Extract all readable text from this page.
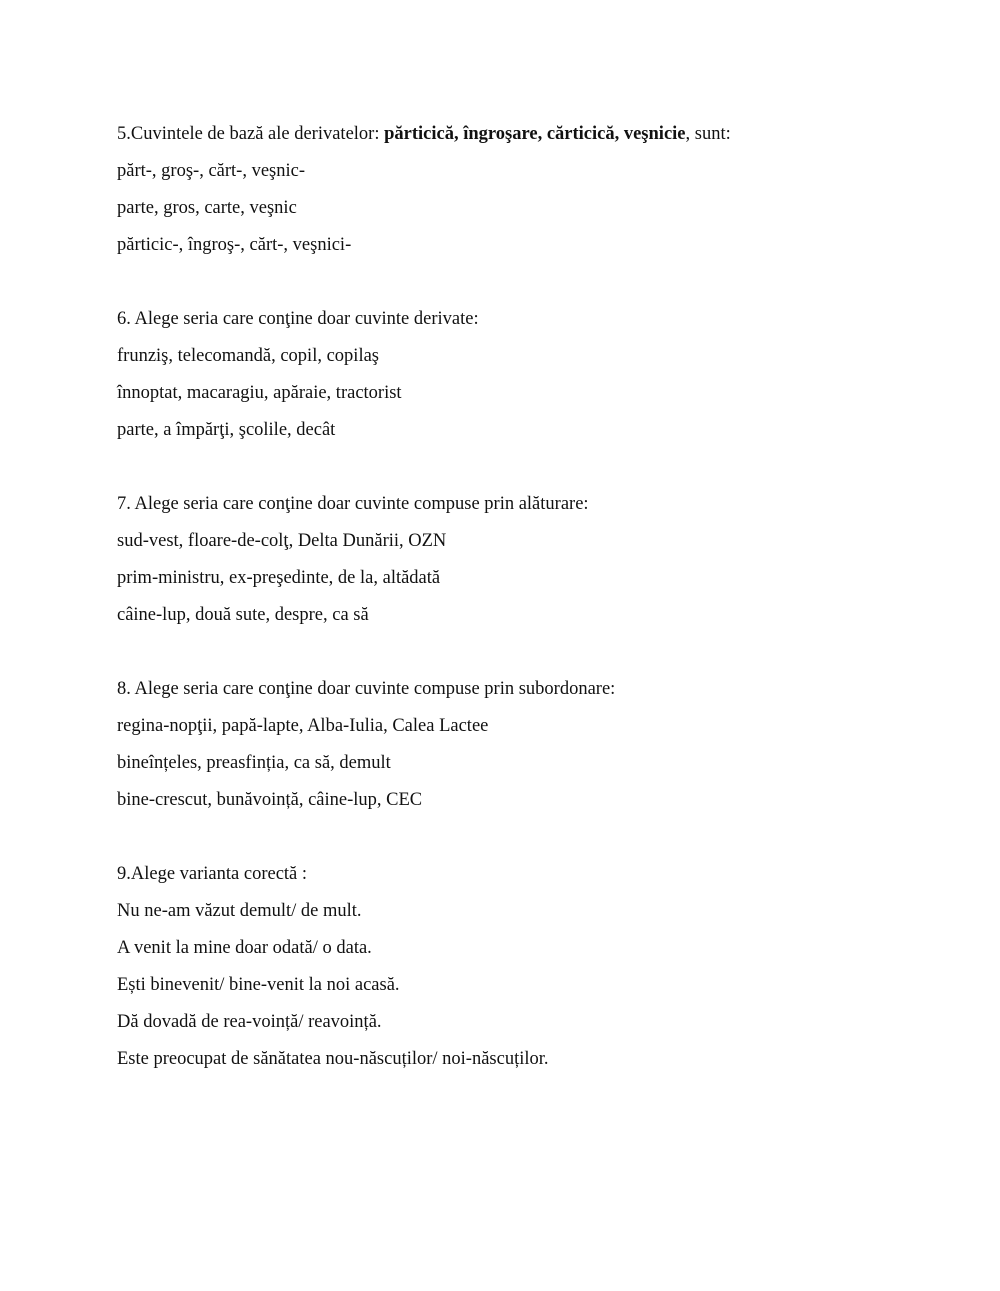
5.Cuvintele de bază ale derivatelor: părticică, îngroşare, cărticică, veşnicie, sunt:
părt-, groş-, cărt-, veşnic-
parte, gros, carte, veşnic
părticic-, îngroş-, cărt-, veşnici-
6. Alege seria care conţine doar cuvinte derivate:
frunziş, telecomandă, copil, copilaş
înnoptat, macaragiu, apăraie, tractorist
parte, a împărţi, şcolile, decât
7. Alege seria care conţine doar cuvinte compuse prin alăturare:
sud-vest, floare-de-colţ, Delta Dunării, OZN
prim-ministru, ex-preşedinte, de la, altădată
câine-lup, două sute, despre, ca să
8. Alege seria care conţine doar cuvinte compuse prin subordonare:
regina-nopţii, papă-lapte, Alba-Iulia, Calea Lactee
bineînțeles, preasfinția, ca să, demult
bine-crescut, bunăvoință, câine-lup, CEC
9.Alege varianta corectă :
Nu ne-am văzut demult/ de mult.
A venit la mine doar odată/ o data.
Ești binevenit/ bine-venit la noi acasă.
Dă dovadă de rea-voință/ reavoință.
Este preocupat de sănătatea nou-născuților/ noi-născuților.
